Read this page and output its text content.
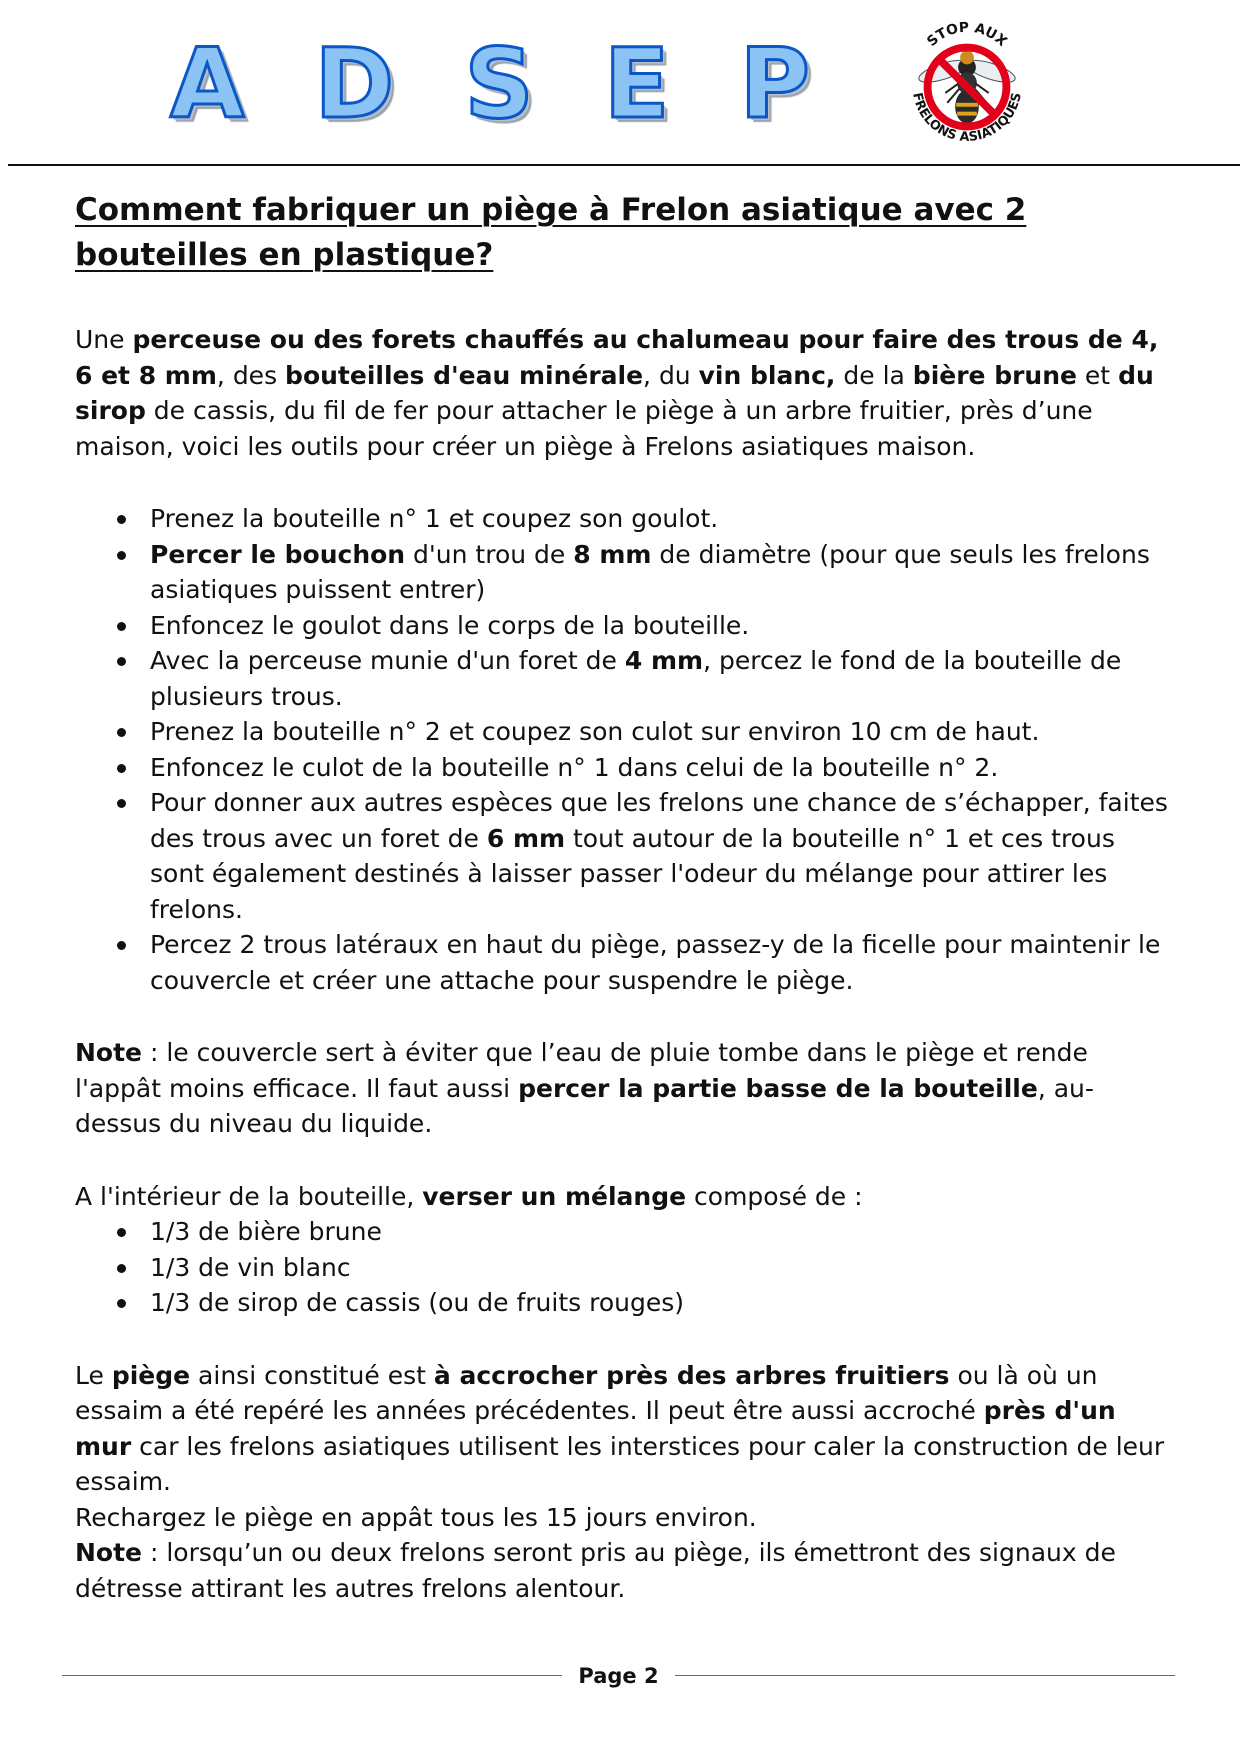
A D S E P	STOP AUX
FRELONS ASIATIQUES
Comment fabriquer un piège à Frelon asiatique avec 2 bouteilles en plastique?

Une perceuse ou des forets chauffés au chalumeau pour faire des trous de 4, 6 et 8 mm, des bouteilles d'eau minérale, du vin blanc, de la bière brune et du sirop de cassis, du fil de fer pour attacher le piège à un arbre fruitier, près d’une maison, voici les outils pour créer un piège à Frelons asiatiques maison.

Prenez la bouteille n° 1 et coupez son goulot.
Percer le bouchon d'un trou de 8 mm de diamètre (pour que seuls les frelons asiatiques puissent entrer)
Enfoncez le goulot dans le corps de la bouteille.
Avec la perceuse munie d'un foret de 4 mm, percez le fond de la bouteille de plusieurs trous.
Prenez la bouteille n° 2 et coupez son culot sur environ 10 cm de haut.
Enfoncez le culot de la bouteille n° 1 dans celui de la bouteille n° 2.
Pour donner aux autres espèces que les frelons une chance de s’échapper, faites des trous avec un foret de 6 mm tout autour de la bouteille n° 1 et ces trous sont également destinés à laisser passer l'odeur du mélange pour attirer les frelons.
Percez 2 trous latéraux en haut du piège, passez-y de la ficelle pour maintenir le couvercle et créer une attache pour suspendre le piège.

Note : le couvercle sert à éviter que l’eau de pluie tombe dans le piège et rende l'appât moins efficace. Il faut aussi percer la partie basse de la bouteille, au-dessus du niveau du liquide.

A l'intérieur de la bouteille, verser un mélange composé de :

1/3 de bière brune
1/3 de vin blanc
1/3 de sirop de cassis (ou de fruits rouges)

Le piège ainsi constitué est à accrocher près des arbres fruitiers ou là où un essaim a été repéré les années précédentes. Il peut être aussi accroché près d'un mur car les frelons asiatiques utilisent les interstices pour caler la construction de leur essaim.

Rechargez le piège en appât tous les 15 jours environ.

Note : lorsqu’un ou deux frelons seront pris au piège, ils émettront des signaux de détresse attirant les autres frelons alentour.

Page 2
